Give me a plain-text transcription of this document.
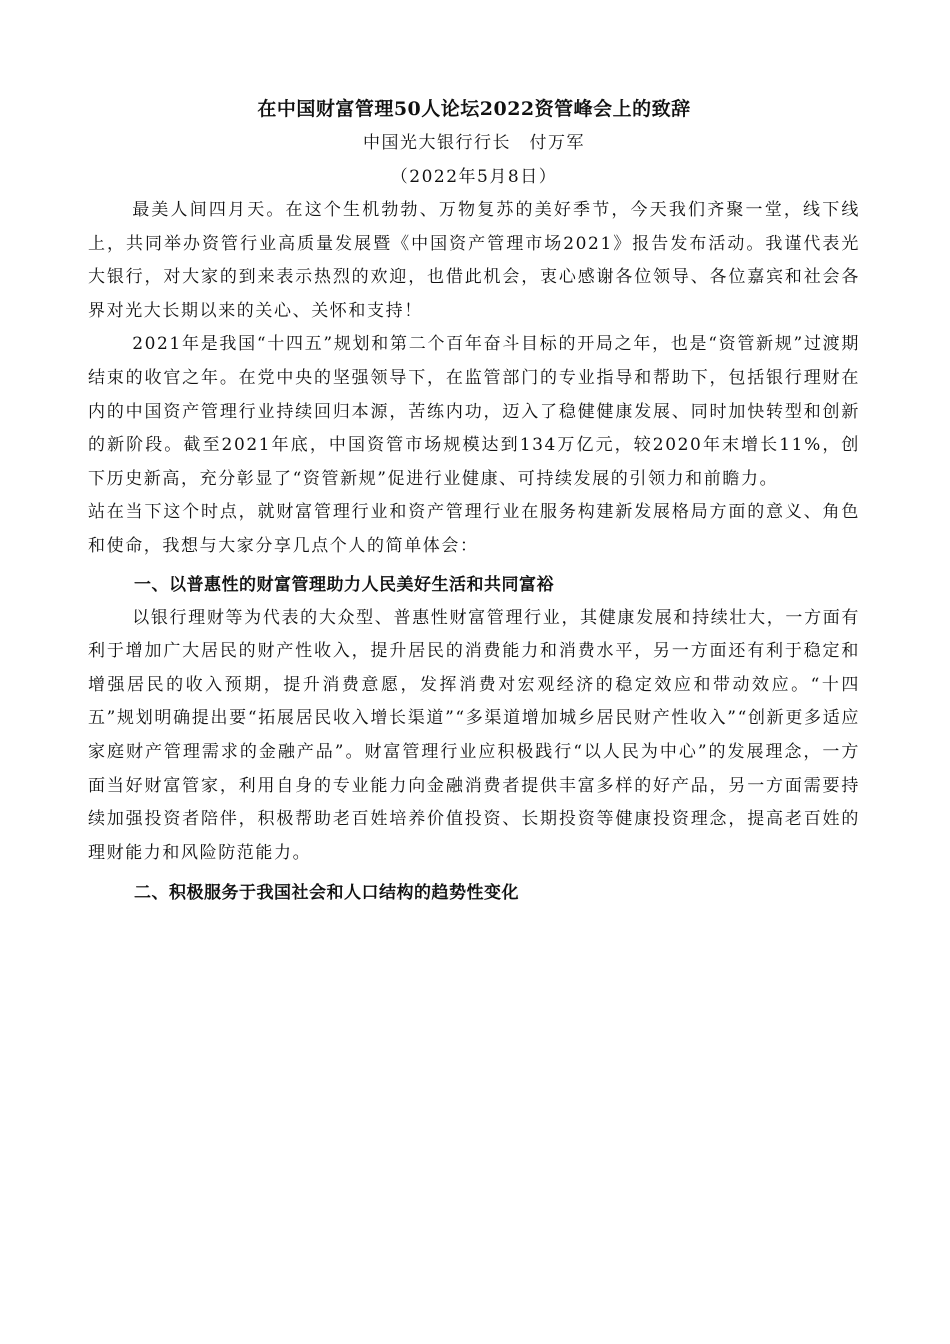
在中国财富管理50人论坛2022资管峰会上的致辞

中国光大银行行长　付万军

（2022年5月8日）

最美人间四月天。在这个生机勃勃、万物复苏的美好季节，今天我们齐聚一堂，线下线上，共同举办资管行业高质量发展暨《中国资产管理市场2021》报告发布活动。我谨代表光大银行，对大家的到来表示热烈的欢迎，也借此机会，衷心感谢各位领导、各位嘉宾和社会各界对光大长期以来的关心、关怀和支持！

2021年是我国“十四五”规划和第二个百年奋斗目标的开局之年，也是“资管新规”过渡期结束的收官之年。在党中央的坚强领导下，在监管部门的专业指导和帮助下，包括银行理财在内的中国资产管理行业持续回归本源，苦练内功，迈入了稳健健康发展、同时加快转型和创新的新阶段。截至2021年底，中国资管市场规模达到134万亿元，较2020年末增长11%，创下历史新高，充分彰显了“资管新规”促进行业健康、可持续发展的引领力和前瞻力。

站在当下这个时点，就财富管理行业和资产管理行业在服务构建新发展格局方面的意义、角色和使命，我想与大家分享几点个人的简单体会：

一、以普惠性的财富管理助力人民美好生活和共同富裕

以银行理财等为代表的大众型、普惠性财富管理行业，其健康发展和持续壮大，一方面有利于增加广大居民的财产性收入，提升居民的消费能力和消费水平，另一方面还有利于稳定和增强居民的收入预期，提升消费意愿，发挥消费对宏观经济的稳定效应和带动效应。“十四五”规划明确提出要“拓展居民收入增长渠道”“多渠道增加城乡居民财产性收入”“创新更多适应家庭财产管理需求的金融产品”。财富管理行业应积极践行“以人民为中心”的发展理念，一方面当好财富管家，利用自身的专业能力向金融消费者提供丰富多样的好产品，另一方面需要持续加强投资者陪伴，积极帮助老百姓培养价值投资、长期投资等健康投资理念，提高老百姓的理财能力和风险防范能力。

二、积极服务于我国社会和人口结构的趋势性变化
